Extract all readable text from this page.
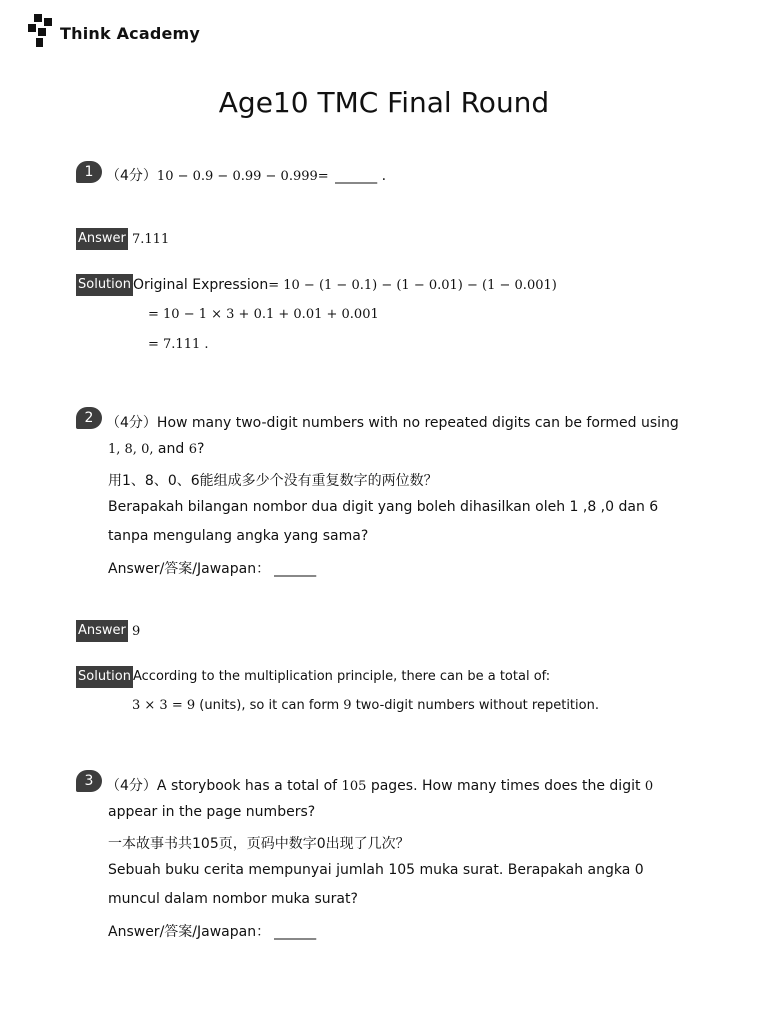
Think Academy
Age10 TMC Final Round
1 （4分）10 − 0.9 − 0.99 − 0.999= ______ .
Answer 7.111
Solution Original Expression= 10 − (1 − 0.1) − (1 − 0.01) − (1 − 0.001)
= 10 − 1 × 3 + 0.1 + 0.01 + 0.001
= 7.111 .
2 （4分）How many two-digit numbers with no repeated digits can be formed using
1, 8, 0, and 6?
用1、8、0、6能组成多少个没有重复数字的两位数？
Berapakah bilangan nombor dua digit yang boleh dihasilkan oleh 1 ,8 ,0 dan 6
tanpa mengulang angka yang sama?
Answer/答案/Jawapan： ______
Answer 9
Solution According to the multiplication principle, there can be a total of:
3 × 3 = 9 (units), so it can form 9 two-digit numbers without repetition.
3 （4分）A storybook has a total of 105 pages. How many times does the digit 0
appear in the page numbers?
一本故事书共105页，页码中数字0出现了几次？
Sebuah buku cerita mempunyai jumlah 105 muka surat. Berapakah angka 0
muncul dalam nombor muka surat?
Answer/答案/Jawapan： ______
